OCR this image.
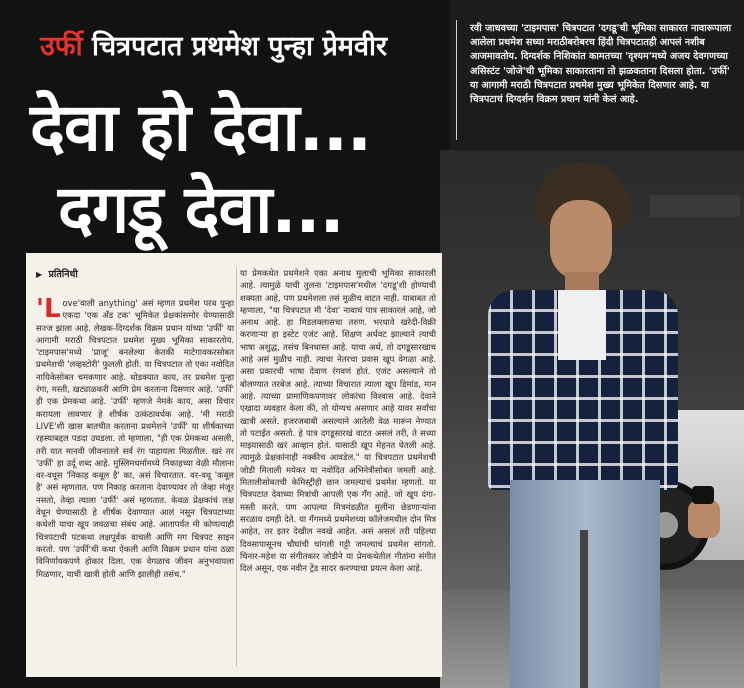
उर्फी चित्रपटात प्रथमेश पुन्हा प्रेमवीर
देवा हो देवा...
दगडू देवा...
रवी जाधवच्या 'टाइमपास' चित्रपटात 'दगडू'ची भूमिका साकारत नावारूपाला आलेला प्रथमेश सध्या मराठीबरोबरच हिंदी चित्रपटातही आपलं नशीब आजमावतोय. दिग्दर्शक निशिकांत कामतच्या 'दृश्यम'मध्ये अजय देवगणच्या असिस्टंट 'जोजे'ची भूमिका साकारताना तो झळकताना दिसला होता. 'उर्फी' या आगामी मराठी चित्रपटात प्रथमेश मुख्य भूमिकेत दिसणार आहे. या चित्रपटाचं दिग्दर्शन विक्रम प्रधान यांनी केलं आहे.
▶ प्रतिनिधी
'L ove'वाली anything' असं म्हणत प्रथमेश परब पुन्हा एकदा 'एक अँड टक' भूमिकेत प्रेक्षकांसमोर येण्यासाठी सज्ज झाला आहे. लेखक-दिग्दर्शक विक्रम प्रधान यांच्या 'उर्फी' या आगामी मराठी चित्रपटात प्रथमेश मुख्य भूमिका साकारतोय. 'टाइमपास'मध्ये 'प्राजू' बनलेल्या केतकी माटेगावकरसोबत प्रथमेशची 'लव्हस्टोरी' फुलली होती. या चित्रपटात तो एका नवोदित नायिकेसोबत चमकणार आहे. थोडक्यात काय, तर प्रथमेश पुन्हा रंगा, मस्ती, खट्याळकरी आणि प्रेम करताना दिसणार आहे. 'उर्फी' ही एक प्रेमकथा आहे. 'उर्फी' म्हणजे नेमके काय, असा विचार करायला लावणार हे शीर्षक उत्कंठावर्धक आहे. 'मी मराठी LIVE'शी खास बातचीत करताना प्रथमेशने 'उर्फी' या शीर्षकाच्या रहस्याबद्दल पडदा उघडला. तो म्हणाला, "ही एक प्रेमकथा असली, तरी यात मानवी जीवनातले सर्व रंग पाहायला मिळतील. खरं तर 'उर्फी' हा उर्दू शब्द आहे. मुस्लिमधर्मामध्ये निकाहच्या वेळी मौलाना वर-वधूस 'निकाह कबूल है' का, असं विचारतात. वर-वधू 'कबूल है' असं म्हणतात. पण निकाह करताना देवाण्यावर तो जेव्हा मंजूर नसतो, तेव्हा त्याला 'उर्फी' असं म्हणतात. केवळ प्रेक्षकांचं लक्ष वेधून घेण्यासाठी हे शीर्षक देवाण्यात आलं नसून चित्रपटाच्या कथेशी याचा खूप जवळचा संबंध आहे. आतापर्यंत मी कोणत्याही चित्रपटाची पटकथा लक्षपूर्वक वाचली आणि मग चित्रपट साइन करतो. पण 'उर्फी'ची कथा ऐकली आणि विक्रम प्रधान यांना ठळा विनिर्णायकपणे होकार दिला. एक वेगळाच जीवन अनुभवायला मिळणार, याची खात्री होती आणि झालीही तसंच."
या प्रेमकथेत प्रथमेशने एका अनाथ मुलाची भूमिका साकारली आहे. त्यामुळे याची तुलना 'टाइमपास'मधील 'दगडू'शी होण्याची शक्यता आहे, पण प्रथमेशला तसं मुळीच वाटत नाही. याबाबत तो म्हणाला, "या चित्रपटात मी 'देवा' नावाचं पात्र साकारलं आहे, जो अनाथ आहे. हा मिडलक्लासचा तरुण. भरधावे खरेदी-विक्री करणाऱ्या हा इस्टेट एजंट आहे. शिक्षण अर्धवट झाल्याने त्याची भाषा अशुद्ध, तसंच बिनधास्त आहे. याचा अर्थ, तो दगडूसारखाच आहे असं मुळीच नाही. त्याचा नेतरचा प्रवास खूप वेगळा आहे. असा प्रकारची भाषा देवाण रंगवणं होतं. एजंट असल्याने तो बोलण्यात तरबेज आहे. त्याच्या विचारात त्याला खूप डिमांड, मान आहे. त्याच्या प्रामाणिकपणावर लोकांचा विश्वास आहे. देवाने एखादा व्यवहार केला की, तो योग्यच असणार आहे यावर सर्वांचा खात्री असते. हजरजबाबी असल्याने आतेली वेळ मारून नेण्यात तो पटाईत असतो. हे पात्र दगडूसारखं वाटत असलं तरी, ते सध्या माझ्यासाठी खरं आव्हान होतं. यासाठी खूप मेहनत घेतली आहे. त्यामुळे प्रेक्षकांनाही नक्कीच आवडेल." या चित्रपटात प्रथमेशची जोडी मिताली मयेकर या नवोदित अभिनेत्रीसोबत जमली आहे. मितालीसोबतची केमिस्ट्रीही छान जमल्याचं प्रथमेश म्हणतो. या चित्रपटात देवाच्या मित्रांची आपली एक गँग आहे. जो खूप दंगा-मस्ती करते. पण आपल्या मित्रमंडळीत मुलींना छेडणाऱ्यांना सरळाव दमही देते. या गॅंगमध्ये प्रथमेशच्या कॉलेजमधील दोन मित्र आहेत, तर इतर देखील नवखे आहेत. असं असलं तरी पहिल्या दिवसापासूनच चौघांची चांगली गट्टी जमल्याचं प्रथमेश सांगतो. चिनार-महेश या संगीतकार जोडीने या प्रेमकथेतील गीतांना संगीत दिलं असून, एक नवीन ट्रेंड सादर करण्याचा प्रयत्न केला आहे.
